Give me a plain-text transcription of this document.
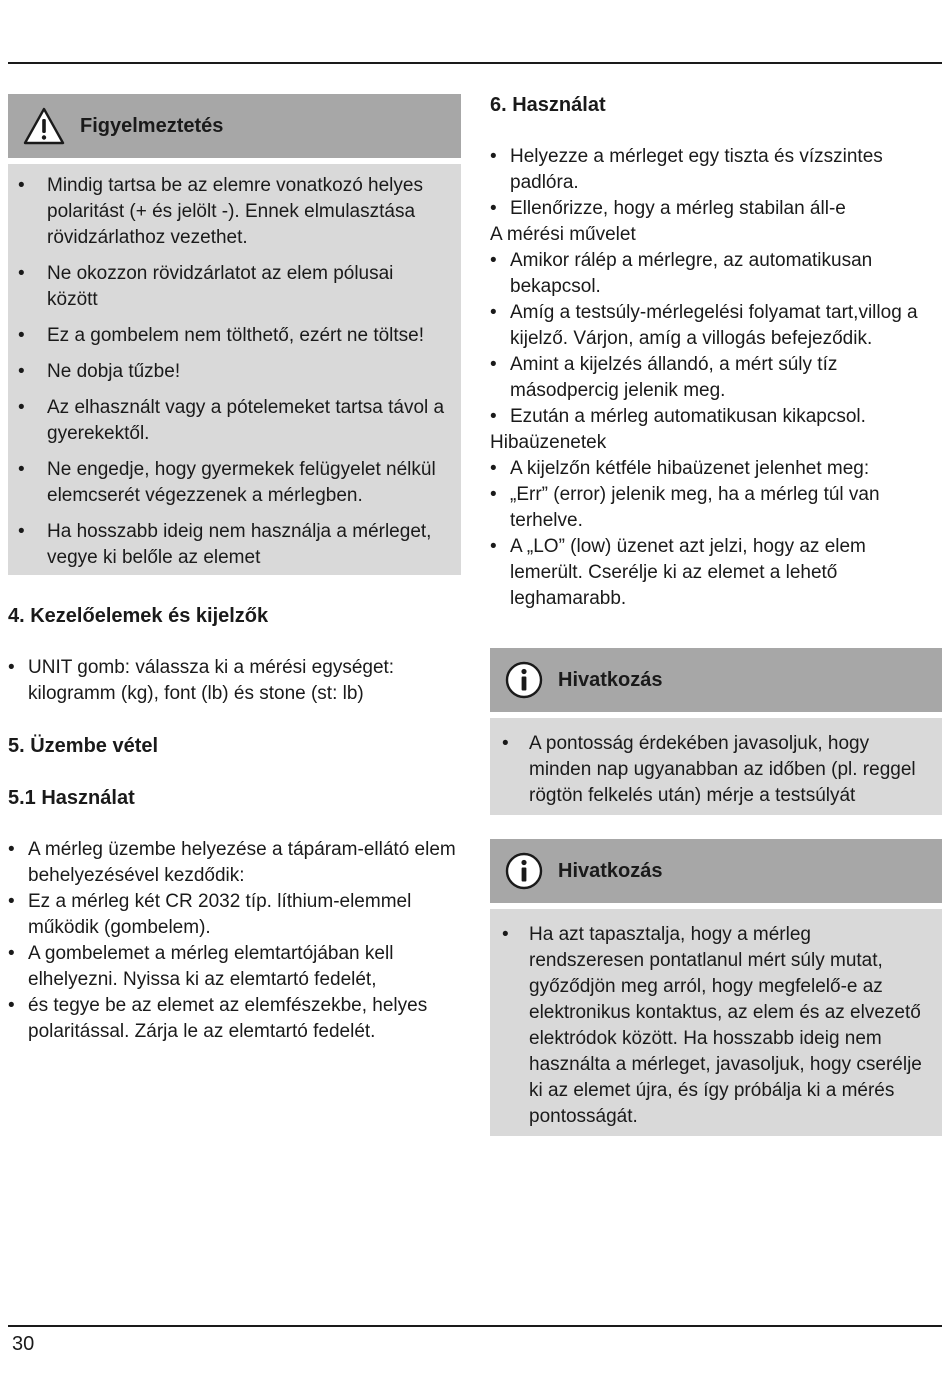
Figyelmeztetés
• Mindig tartsa be az elemre vonatkozó helyes polaritást (+ és jelölt -). Ennek elmulasztása rövidzárlathoz vezethet.
• Ne okozzon rövidzárlatot az elem pólusai között
• Ez a gombelem nem tölthető, ezért ne töltse!
• Ne dobja tűzbe!
• Az elhasznált vagy a pótelemeket tartsa távol a gyerekektől.
• Ne engedje, hogy gyermekek felügyelet nélkül elemcserét végezzenek a mérlegben.
• Ha hosszabb ideig nem használja a mérleget, vegye ki belőle az elemet
4. Kezelőelemek és kijelzők
• UNIT gomb: válassza ki a mérési egységet: kilogramm (kg), font (lb) és stone (st: lb)
5. Üzembe vétel
5.1 Használat
• A mérleg üzembe helyezése a tápáram-ellátó elem behelyezésével kezdődik:
• Ez a mérleg két CR 2032 típ. líthium-elemmel működik (gombelem).
• A gombelemet a mérleg elemtartójában kell elhelyezni. Nyissa ki az elemtartó fedelét,
• és tegye be az elemet az elemfészekbe, helyes polaritással. Zárja le az elemtartó fedelét.
6. Használat
• Helyezze a mérleget egy tiszta és vízszintes padlóra.
• Ellenőrizze, hogy a mérleg stabilan áll-e
A mérési művelet
• Amikor rálép a mérlegre, az automatikusan bekapcsol.
• Amíg a testsúly-mérlegelési folyamat tart,villog a kijelző. Várjon, amíg a villogás befejeződik.
• Amint a kijelzés állandó, a mért súly tíz másodpercig jelenik meg.
• Ezután a mérleg automatikusan kikapcsol.
Hibaüzenetek
• A kijelzőn kétféle hibaüzenet jelenhet meg:
• „Err” (error) jelenik meg, ha a mérleg túl van terhelve.
• A „LO” (low) üzenet azt jelzi, hogy az elem lemerült. Cserélje ki az elemet a lehető leghamarabb.
Hivatkozás
• A pontosság érdekében javasoljuk, hogy minden nap ugyanabban az időben (pl. reggel rögtön felkelés után) mérje a testsúlyát
Hivatkozás
• Ha azt tapasztalja, hogy a mérleg rendszeresen pontatlanul mért súly mutat, győződjön meg arról, hogy megfelelő-e az elektronikus kontaktus, az elem és az elvezető elektródok között. Ha hosszabb ideig nem használta a mérleget, javasoljuk, hogy cserélje ki az elemet újra, és így próbálja ki a mérés pontosságát.
30
